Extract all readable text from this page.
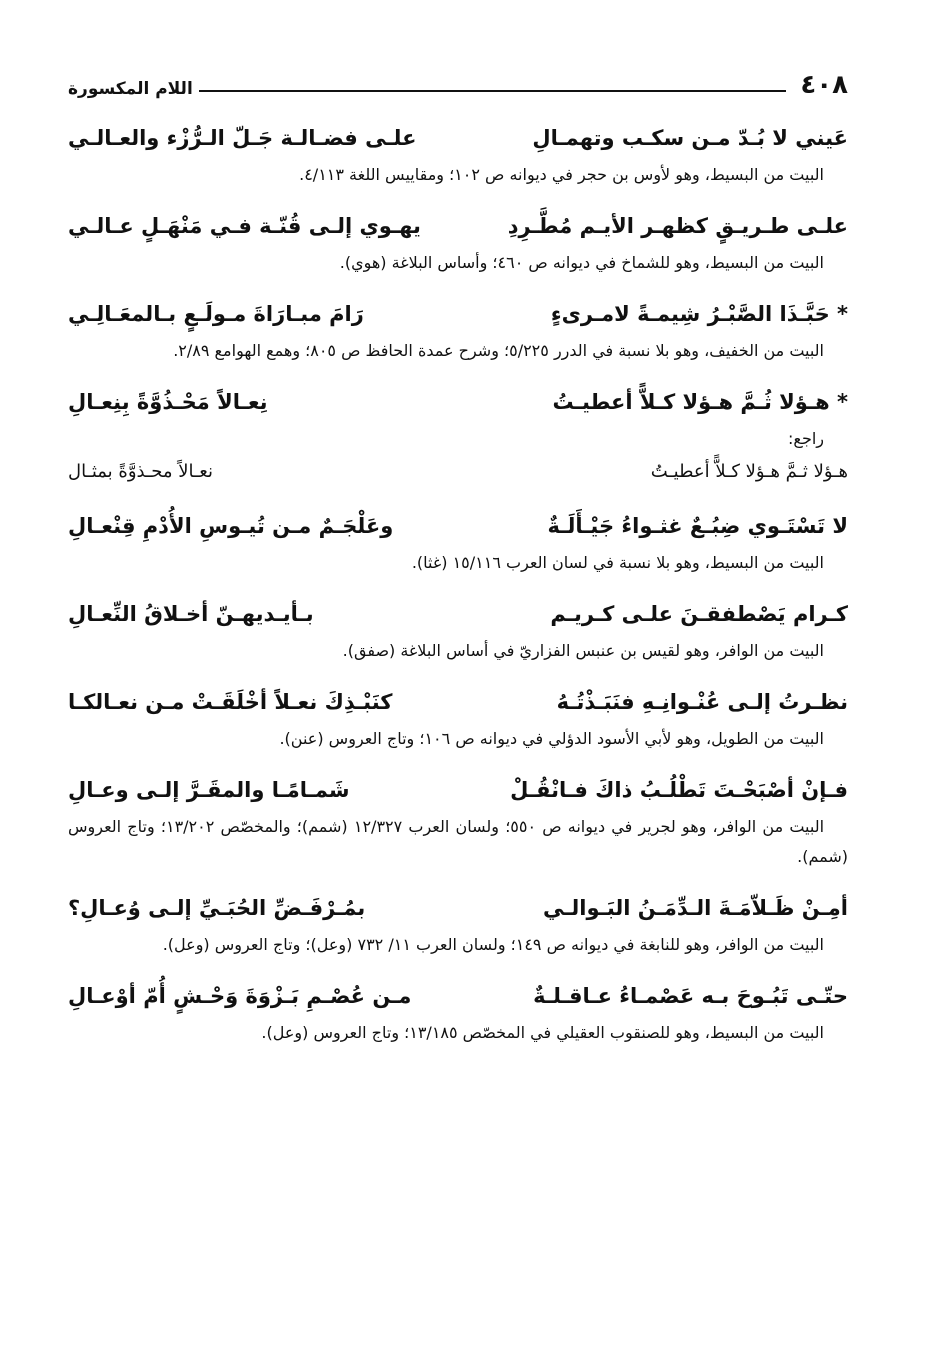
٤٠٨
اللام المكسورة
عَيني لا بُـدّ مـن سكـب وتهمـالِ
علـى فضـالـة جَـلّ الـرُّزْء والعـالـي
البيت من البسيط، وهو لأوس بن حجر في ديوانه ص ١٠٢؛ ومقاييس اللغة ٤/١١٣.
علـى طـريـقٍ كظهـر الأيـم مُطَّـرِدِ
يهـوي إلـى قُنّـة فـي مَنْهَـلٍ عـالـي
البيت من البسيط، وهو للشماخ في ديوانه ص ٤٦٠؛ وأساس البلاغة (هوي).
* حَبَّـذَا الصَّبْـرُ شِيمـةً لامـرىءٍ
رَامَ مبـارَاةَ مـولَـعٍ بـالمعَـالِـي
البيت من الخفيف، وهو بلا نسبة في الدرر ٥/٢٢٥؛ وشرح عمدة الحافظ ص ٨٠٥؛ وهمع الهوامع ٢/٨٩.
* هـؤلا ثُـمَّ هـؤلا كـلاًّ أعطيـتُ
نِعـالاً مَحْـذُوَّةً بِنِعـالِ
راجع:
هـؤلا ثـمَّ هـؤلا كـلاًّ أعطيـتُ
نعـالاً محـذوَّةً بمثـال
لا تَسْتَـوي ضِبُـعٌ غثـواءُ جَيْـأَلَـةٌ
وعَلْجَـمٌ مـن تُيـوسِ الأُدْمِ قِنْعـالِ
البيت من البسيط، وهو بلا نسبة في لسان العرب ١٥/١١٦ (غثا).
كـرام يَصْطفقـنَ علـى كـريـم
بـأيـديهـنّ أخـلاقُ النِّعـالِ
البيت من الوافر، وهو لقيس بن عنبس الفزاريّ في أساس البلاغة (صفق).
نظـرتُ إلـى عُنْـوانِـهِ فنَبَـذْتُـهُ
كنَبْـذِكَ نعـلاً أخْلَقَـتْ مـن نعـالكـا
البيت من الطويل، وهو لأبي الأسود الدؤلي في ديوانه ص ١٠٦؛ وتاج العروس (عنن).
فـإنْ أصْبَحْـتَ تَطْلُـبُ ذاكَ فـانْقُـلْ
شَمـامًـا والمقَـرَّ إلـى وعـالِ
البيت من الوافر، وهو لجرير في ديوانه ص ٥٥٠؛ ولسان العرب ١٢/٣٢٧ (شمم)؛ والمخصّص ١٣/٢٠٢؛ وتاج العروس (شمم).
أمِـنْ ظَـلاّمَـةَ الـدِّمَـنُ البَـوالـي
بمُـرْفَـضِّ الحُبَـيِّ إلـى وُعـالِ؟
البيت من الوافر، وهو للنابغة في ديوانه ص ١٤٩؛ ولسان العرب ١١/ ٧٣٢ (وعل)؛ وتاج العروس (وعل).
حتّـى تَبُـوحَ بـه عَصْمـاءُ عـاقـلـةٌ
مـن عُصْـمِ بَـزْوَةَ وَحْـشٍ أُمّ أوْعـالِ
البيت من البسيط، وهو للصنقوب العقيلي في المخصّص ١٣/١٨٥؛ وتاج العروس (وعل).
